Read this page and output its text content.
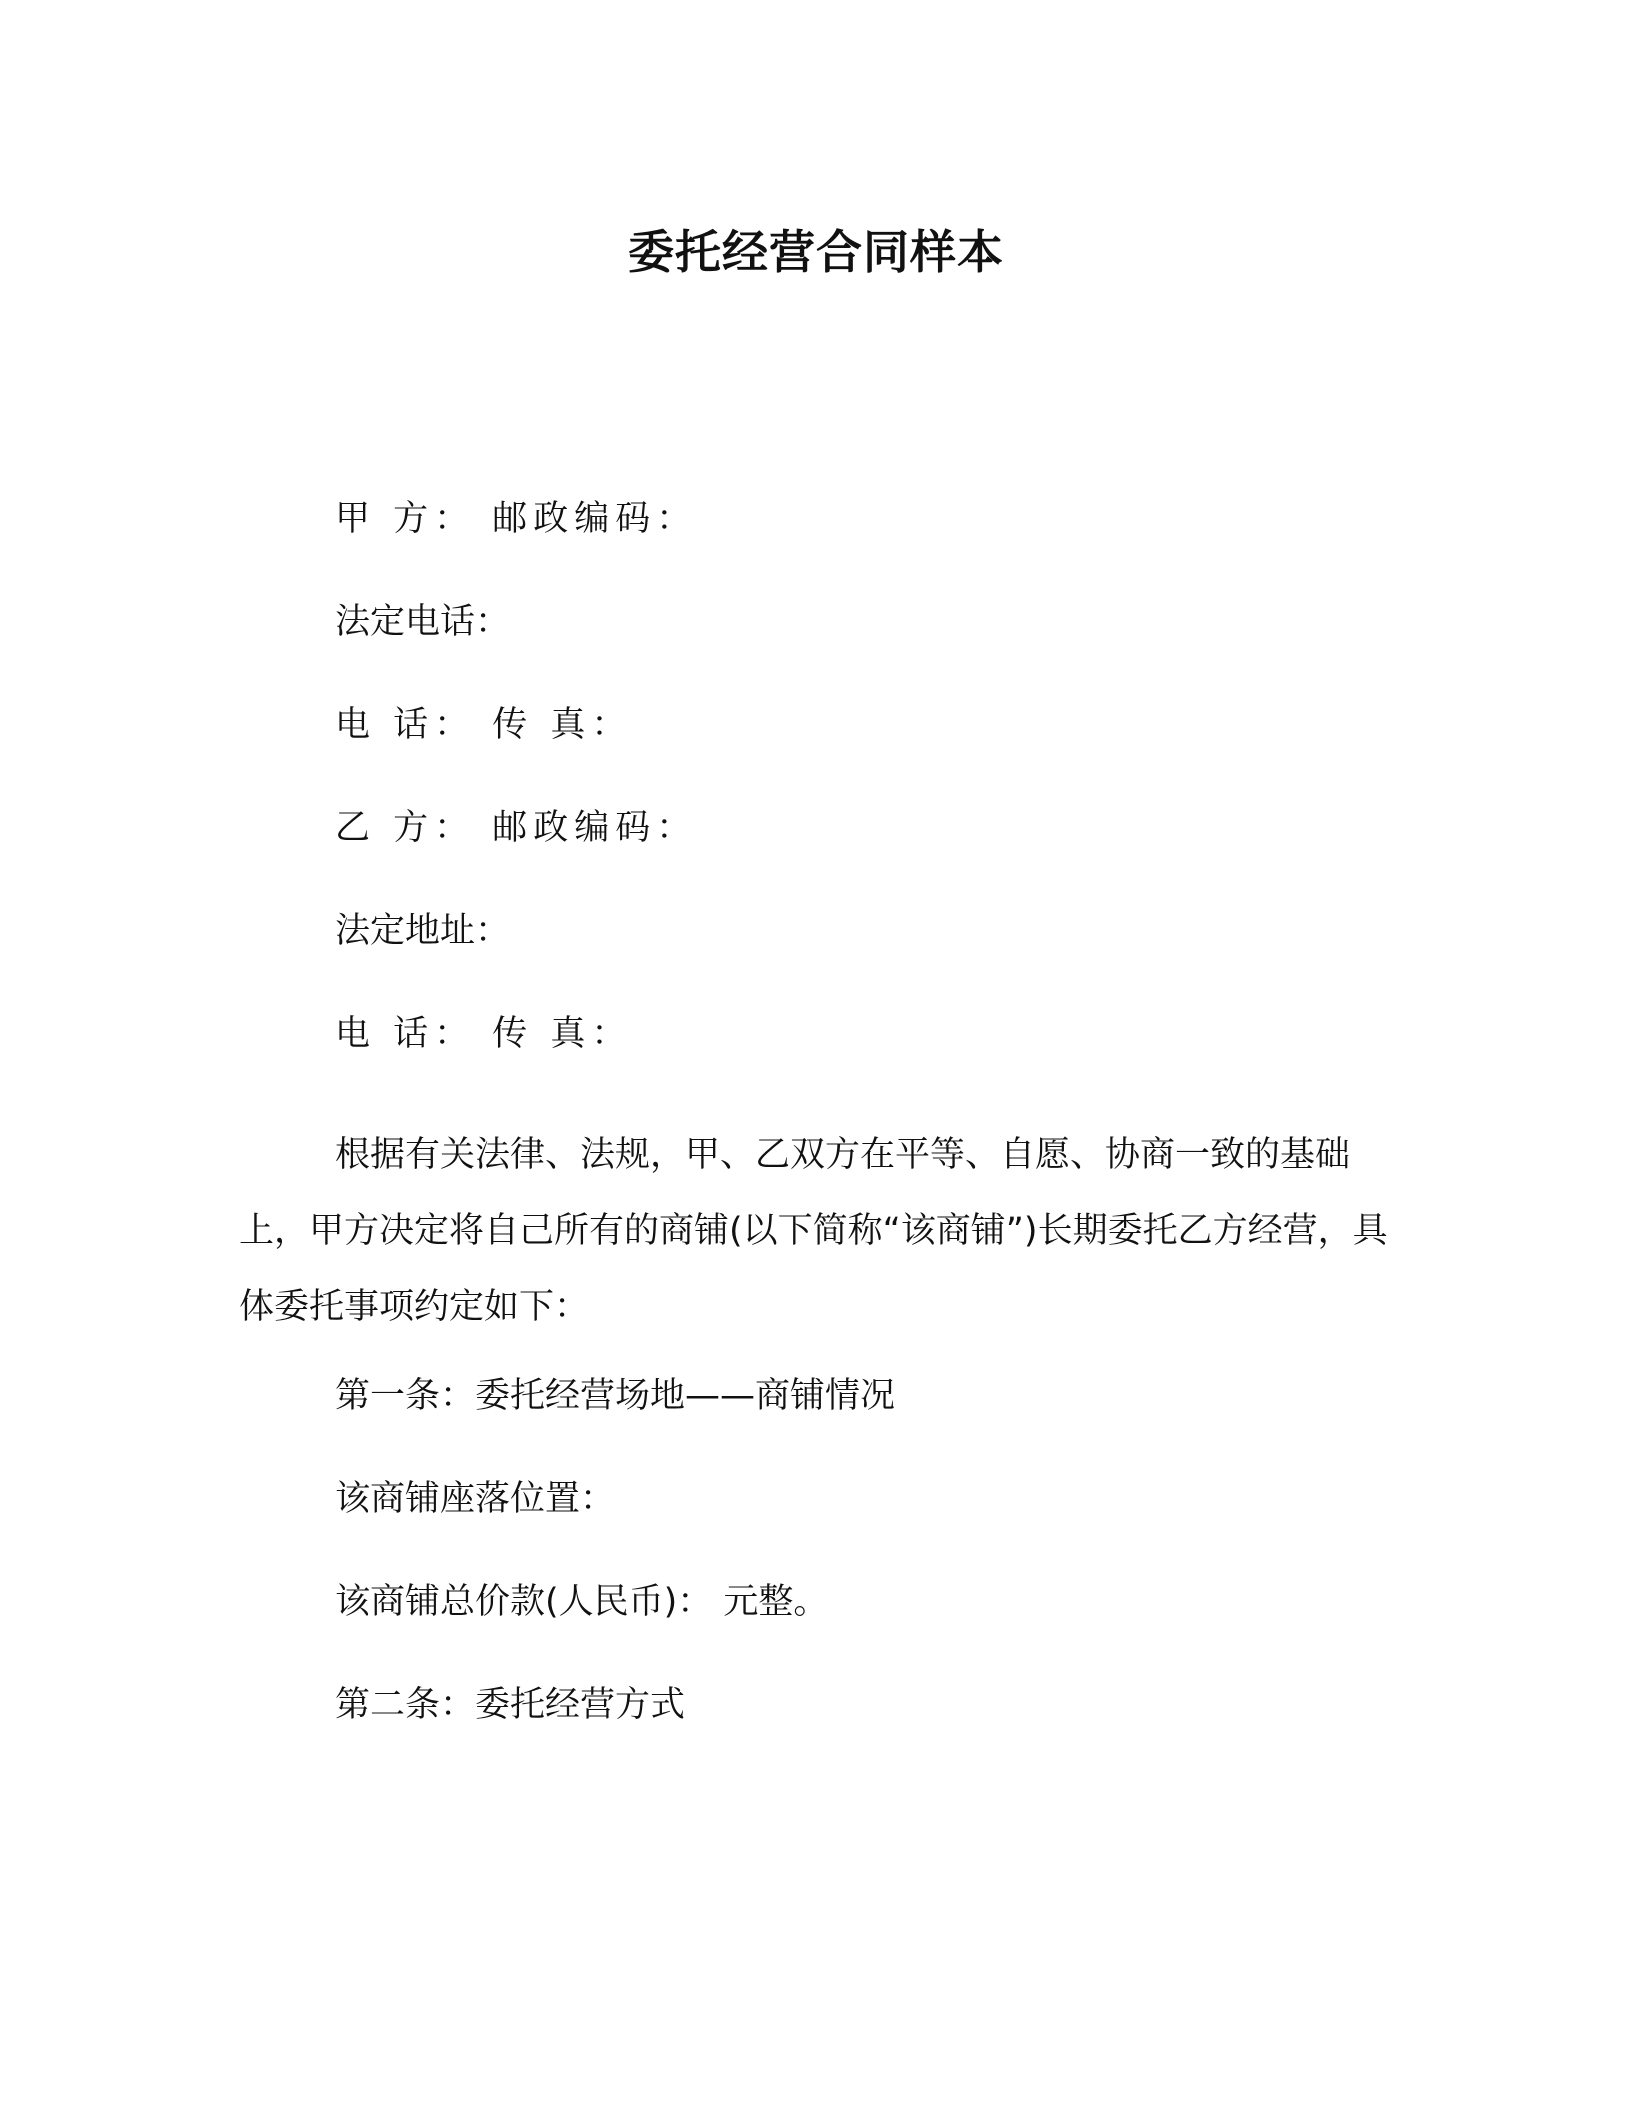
委托经营合同样本

甲 方： 邮政编码：

法定电话：

电 话： 传 真：

乙 方： 邮政编码：

法定地址：

电 话： 传 真：

根据有关法律、法规，甲、乙双方在平等、自愿、协商一致的基础上，甲方决定将自己所有的商铺(以下简称“该商铺”)长期委托乙方经营，具体委托事项约定如下：

第一条：委托经营场地——商铺情况

该商铺座落位置：

该商铺总价款(人民币)： 元整。

第二条：委托经营方式
